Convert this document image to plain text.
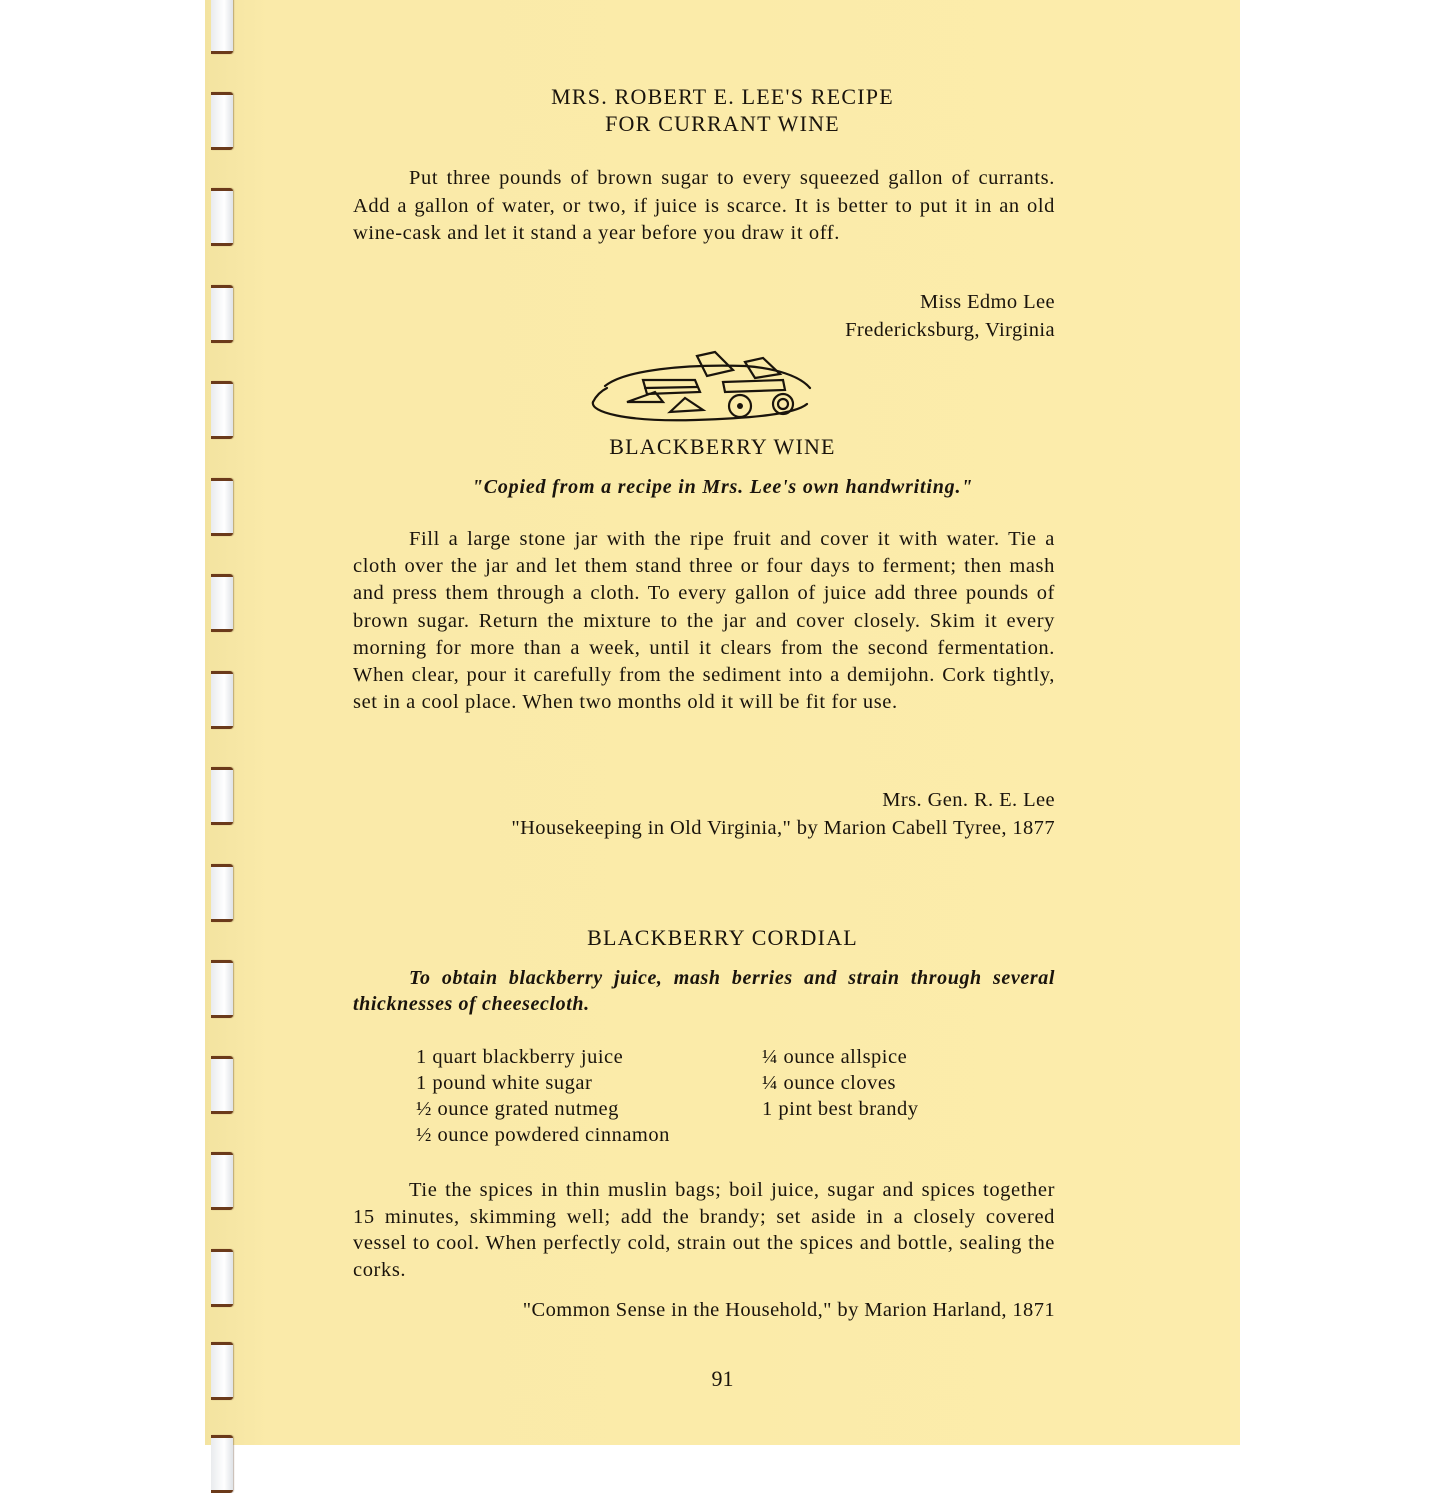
MRS. ROBERT E. LEE'S RECIPE
FOR CURRANT WINE
Put three pounds of brown sugar to every squeezed gallon of currants. Add a gallon of water, or two, if juice is scarce. It is better to put it in an old wine-cask and let it stand a year before you draw it off.
Miss Edmo Lee
Fredericksburg, Virginia
BLACKBERRY WINE
"Copied from a recipe in Mrs. Lee's own handwriting."
Fill a large stone jar with the ripe fruit and cover it with water. Tie a cloth over the jar and let them stand three or four days to ferment; then mash and press them through a cloth. To every gallon of juice add three pounds of brown sugar. Return the mixture to the jar and cover closely. Skim it every morning for more than a week, until it clears from the second fermentation. When clear, pour it carefully from the sediment into a demijohn. Cork tightly, set in a cool place. When two months old it will be fit for use.
Mrs. Gen. R. E. Lee
"Housekeeping in Old Virginia," by Marion Cabell Tyree, 1877
BLACKBERRY CORDIAL
To obtain blackberry juice, mash berries and strain through several thicknesses of cheesecloth.
1 quart blackberry juice
1 pound white sugar
½ ounce grated nutmeg
½ ounce powdered cinnamon
¼ ounce allspice
¼ ounce cloves
1 pint best brandy
Tie the spices in thin muslin bags; boil juice, sugar and spices together 15 minutes, skimming well; add the brandy; set aside in a closely covered vessel to cool. When perfectly cold, strain out the spices and bottle, sealing the corks.
"Common Sense in the Household," by Marion Harland, 1871
91
